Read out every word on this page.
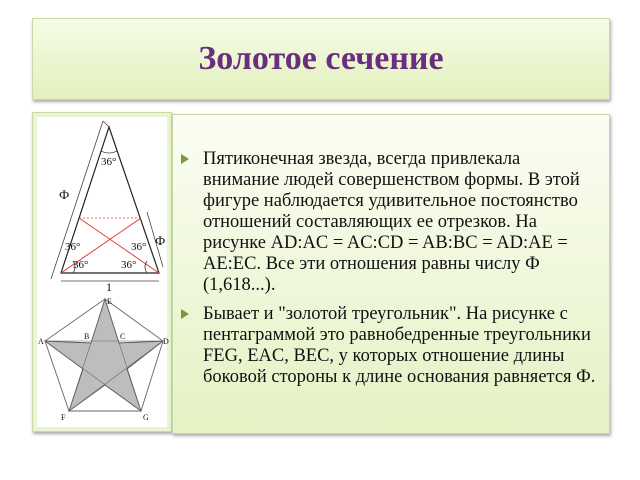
Золотое сечение
36°
36°
36°
36°
36°
Ф
Ф
1
E
A
B	C
D
F	G
Пятиконечная звезда, всегда привлекала внимание людей совершенством формы. В этой фигуре наблюдается удивительное постоянство отношений составляющих ее отрезков. На рисунке AD:AC = AC:CD = AB:BC = AD:AE = AE:EC. Все эти отношения равны числу Ф (1,618...).
Бывает и "золотой треугольник". На рисунке с пентаграммой это равнобедренные треугольники FEG, EAC, BEC, у которых отношение длины боковой стороны к длине основания равняется Ф.
